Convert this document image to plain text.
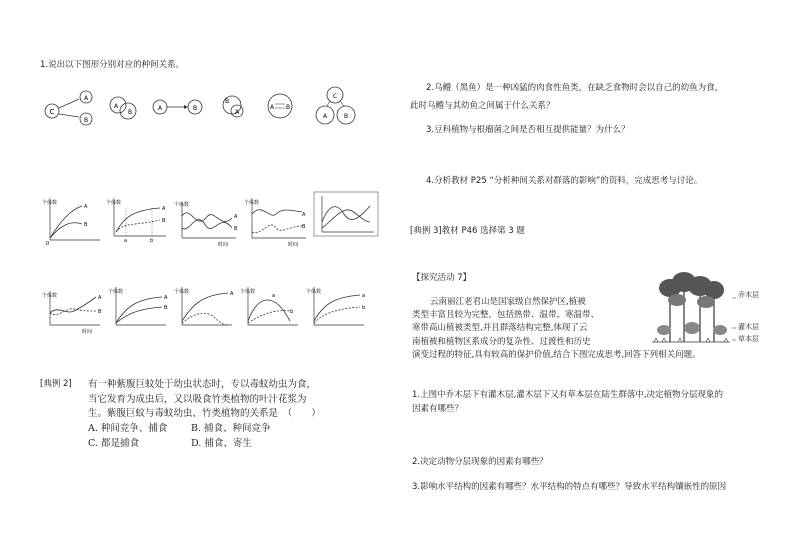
1.说出以下图形分别对应的种间关系。
C
A
B
A
B
A	B
B
A
A B
C
A	B
个体数
A
B
0
个体数
A
B
a	b
个体数
A
B
时间
个体数
A
B
时间
个体数	A
B
时间
个体数
A
B
个体数	A 个体数
a
b
个体数
a
b
[典例 2]	有一种紫腹巨蚊处于幼虫状态时，专以毒蚊幼虫为食，
当它发育为成虫后，又以吸食竹类植物的叶汁花浆为
生。紫腹巨蚊与毒蚊幼虫、竹类植物的关系是　（　　）
A. 种间竞争、捕食 B. 捕食、种间竞争
C. 都是捕食	D. 捕食、寄生
2.乌鳢（黑鱼）是一种凶猛的肉食性鱼类，在缺乏食物时会以自己的幼鱼为食，
此时乌鳢与其幼鱼之间属于什么关系？
3.豆科植物与根瘤菌之间是否相互提供能量？为什么？
4.分析教材 P25 “分析种间关系对群落的影响”的资料，完成思考与讨论。
[典例 3]教材 P46 选择第 3 题
【探究活动 7】
云南丽江老君山是国家级自然保护区,植被
类型丰富且较为完整，包括热带、温带、寒温带、
寒带高山植被类型,并且群落结构完整,体现了云
南植被和植物区系成分的复杂性、过渡性和历史
演变过程的特征,具有较高的保护价值,结合下图完成思考,回答下列相关问题。
乔木层
灌木层
草本层
1.上图中乔木层下有灌木层,灌木层下又有草本层在陆生群落中,决定植物分层现象的
因素有哪些？
2.决定动物分层现象的因素有哪些？
3.影响水平结构的因素有哪些？水平结构的特点有哪些？导致水平结构镶嵌性的原因
